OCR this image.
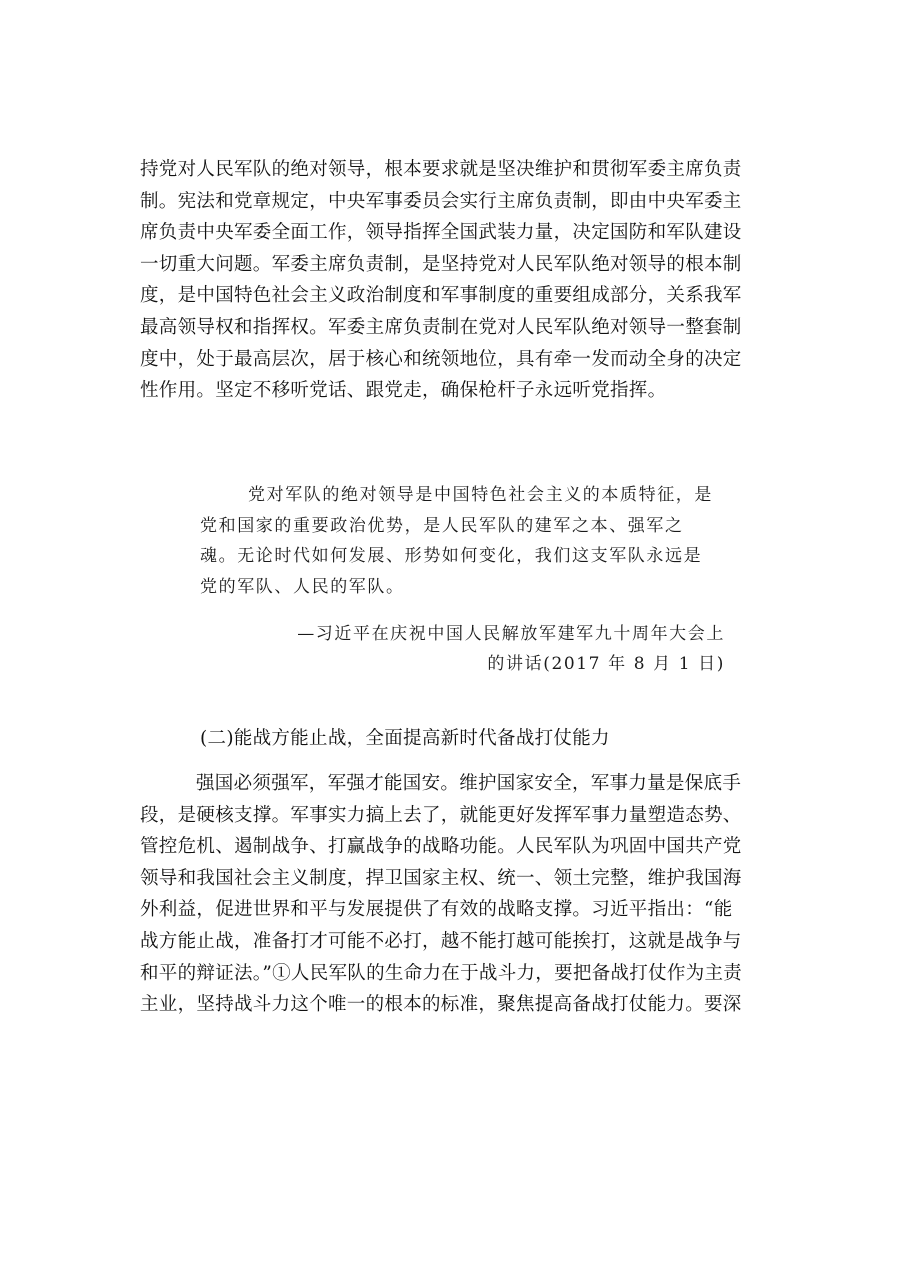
持党对人民军队的绝对领导，根本要求就是坚决维护和贯彻军委主席负责
制。宪法和党章规定，中央军事委员会实行主席负责制，即由中央军委主
席负责中央军委全面工作，领导指挥全国武装力量，决定国防和军队建设
一切重大问题。军委主席负责制，是坚持党对人民军队绝对领导的根本制
度，是中国特色社会主义政治制度和军事制度的重要组成部分，关系我军
最高领导权和指挥权。军委主席负责制在党对人民军队绝对领导一整套制
度中，处于最高层次，居于核心和统领地位，具有牵一发而动全身的决定
性作用。坚定不移听党话、跟党走，确保枪杆子永远听党指挥。
党对军队的绝对领导是中国特色社会主义的本质特征，是
党和国家的重要政治优势，是人民军队的建军之本、强军之
魂。无论时代如何发展、形势如何变化，我们这支军队永远是
党的军队、人民的军队。
—习近平在庆祝中国人民解放军建军九十周年大会上
的讲话(2017 年 8 月 1 日)
(二)能战方能止战，全面提高新时代备战打仗能力
强国必须强军，军强才能国安。维护国家安全，军事力量是保底手
段，是硬核支撑。军事实力搞上去了，就能更好发挥军事力量塑造态势、
管控危机、遏制战争、打赢战争的战略功能。人民军队为巩固中国共产党
领导和我国社会主义制度，捍卫国家主权、统一、领土完整，维护我国海
外利益，促进世界和平与发展提供了有效的战略支撑。习近平指出：“能
战方能止战，准备打才可能不必打，越不能打越可能挨打，这就是战争与
和平的辩证法。”①人民军队的生命力在于战斗力，要把备战打仗作为主责
主业，坚持战斗力这个唯一的根本的标准，聚焦提高备战打仗能力。要深
